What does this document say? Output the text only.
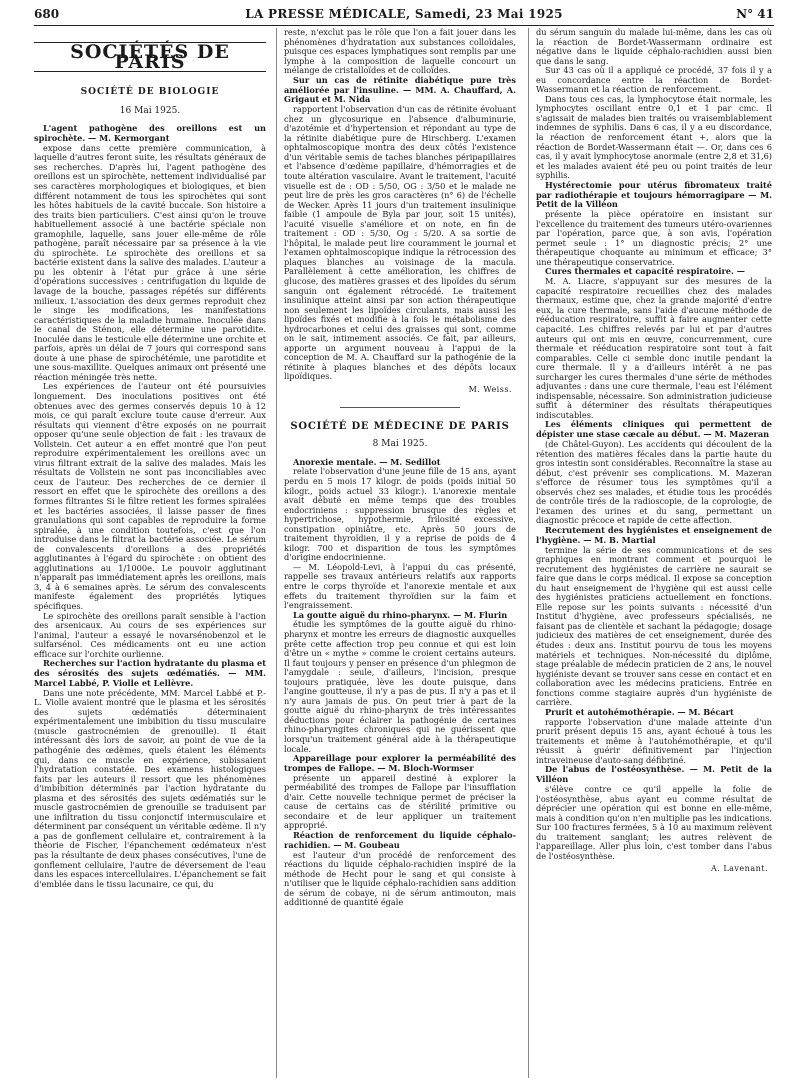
680	LA PRESSE MÉDICALE, Samedi, 23 Mai 1925	N° 41
SOCIÉTÉS DE PARIS
SOCIÉTÉ DE BIOLOGIE
16 Mai 1925.

L'agent pathogène des oreillons est un spirochète. — M. Kermorgant

expose dans cette première communication, à laquelle d'autres feront suite, les résultats généraux de ses recherches. D'après lui, l'agent pathogène des oreillons est un spirochète, nettement individualisé par ses caractères morphologiques et biologiques, et bien différent notamment de tous les spirochètes qui sont les hôtes habituels de la cavité buccale. Son histoire a des traits bien particuliers. C'est ainsi qu'on le trouve habituellement associé à une bactérie spéciale non gramophile, laquelle, sans jouer elle-même de rôle pathogène, paraît nécessaire par sa présence à la vie du spirochète. Le spirochète des oreillons et sa bactérie existent dans la salive des malades. L'auteur a pu les obtenir à l'état pur grâce à une série d'opérations successives : centrifugation du liquide de lavage de la bouche, passages répétés sur différents milieux. L'association des deux germes reproduit chez le singe les modifications, les manifestations caractéristiques de la maladie humaine. Inoculée dans le canal de Sténon, elle détermine une parotidite. Inoculée dans le testicule elle détermine une orchite et parfois, après un délai de 7 jours qui correspond sans doute à une phase de spirochétémie, une parotidite et une sous-maxillite. Quelques animaux ont présenté une réaction méningée très nette.

Les expériences de l'auteur ont été poursuivies longuement. Des inoculations positives ont été obtenues avec des germes conservés depuis 10 à 12 mois, ce qui paraît exclure toute cause d'erreur. Aux résultats qui viennent d'être exposés on ne pourrait opposer qu'une seule objection de fait : les travaux de Vollstein. Cet auteur a en effet montré que l'on peut reproduire expérimentalement les oreillons avec un virus filtrant extrait de la salive des malades. Mais les résultats de Vollstein ne sont pas inconciliables avec ceux de l'auteur. Des recherches de ce dernier il ressort en effet que le spirochète des oreillons a des formes filtrantes Si le filtre retient les formes spiralées et les bactéries associées, il laisse passer de fines granulations qui sont capables de reproduire la forme spiralée, à une condition toutefois, c'est que l'on introduise dans le filtrat la bactérie associée. Le sérum de convalescents d'oreillons a des propriétés agglutinantes à l'égard du spirochète : on obtient des agglutinations au 1/1000e. Le pouvoir agglutinant n'apparaît pas immédiatement après les oreillons, mais 3, 4 à 6 semaines après. Le sérum des convalescents manifeste également des propriétés lytiques spécifiques.

Le spirochète des oreillons paraît sensible à l'action des arsenicaux. Au cours de ses expériences sur l'animal, l'auteur a essayé le novarsénobenzol et le sulfarsénol. Ces médicaments ont eu une action efficace sur l'orchite ourlienne.

Recherches sur l'action hydratante du plasma et des sérosités des sujets œdématiés. — MM. Marcel Labbé, P. Violle et Lellèvre.

Dans une note précédente, MM. Marcel Labbé et P.-L. Violle avaient montré que le plasma et les sérosités des sujets œdématiés déterminaient expérimentalement une imbibition du tissu musculaire (muscle gastrocnémien de grenouille). Il était intéressant dès lors de savoir, au point de vue de la pathogénie des œdèmes, quels étaient les éléments qui, dans ce muscle en expérience, subissaient l'hydratation constatée. Des examens histologiques faits par les auteurs il ressort que les phénomènes d'imbibition déterminés par l'action hydratante du plasma et des sérosités des sujets œdématiés sur le muscle gastrocnémien de grenouille se traduisent par une infiltration du tissu conjonctif intermusculaire et déterminent par conséquent un véritable œdème. Il n'y a pas de gonflement cellulaire et, contrairement à la théorie de Fischer, l'épanchement œdémateux n'est pas la résultante de deux phases consécutives, l'une de gonflement cellulaire, l'autre de déversement de l'eau dans les espaces intercellulaires. L'épanchement se fait d'emblée dans le tissu lacunaire, ce qui, du

reste, n'exclut pas le rôle que l'on a fait jouer dans les phénomènes d'hydratation aux substances colloïdales, puisque ces espaces lymphatiques sont remplis par une lymphe à la composition de laquelle concourt un mélange de cristalloïdes et de colloïdes.

Sur un cas de rétinite diabétique pure très améliorée par l'insuline. — MM. A. Chauffard, A. Grigaut et M. Nida

rapportent l'observation d'un cas de rétinite évoluant chez un glycosurique en l'absence d'albuminurie, d'azotémie et d'hypertension et répondant au type de la rétinite diabétique pure de Hirschberg. L'examen ophtalmoscopique montra des deux côtés l'existence d'un véritable semis de taches blanches péripapillaires et l'absence d'œdème papillaire, d'hémorragies et de toute altération vasculaire. Avant le traitement, l'acuité visuelle est de : OD : 5/50, OG : 3/50 et le malade ne peut lire de près les gros caractères (n° 6) de l'échelle de Wecker. Après 11 jours d'un traitement insulinique faible (1 ampoule de Byla par jour, soit 15 unités), l'acuité visuelle s'améliore et on note, en fin de traitement : OD : 5/30, Og : 5/20. A sa sortie de l'hôpital, le malade peut lire couramment le journal et l'examen ophtalmoscopique indique la rétrocession des plaques blanches au voisinage de la macula. Parallèlement à cette amélioration, les chiffres de glucose, des matières grasses et des lipoïdes du sérum sanguin ont également rétrocédé. Le traitement insulinique atteint ainsi par son action thérapeutique non seulement les lipoïdes circulants, mais aussi les lipoïdes fixés et modifie à la fois le métabolisme des hydrocarbones et celui des graisses qui sont, comme on le sait, intimement associés. Ce fait, par ailleurs, apporte un argument nouveau à l'appui de la conception de M. A. Chauffard sur la pathogénie de la rétinite à plaques blanches et des dépôts locaux lipoïdiques.

M. Weiss.
SOCIÉTÉ DE MÉDECINE DE PARIS
8 Mai 1925.

Anorexie mentale. — M. Sedillot

relate l'observation d'une jeune fille de 15 ans, ayant perdu en 5 mois 17 kilogr. de poids (poids initial 50 kilogr., poids actuel 33 kilogr.). L'anorexie mentale avait débuté en même temps que des troubles endocriniens : suppression brusque des règles et hypertrichose, hypothermie, frilosité excessive, constipation opiniâtre, etc. Après 50 jours de traitement thyroïdien, il y a reprise de poids de 4 kilogr. 700 et disparition de tous les symptômes d'origine endocrinienne.

— M. Léopold-Levi, à l'appui du cas présenté, rappelle ses travaux antérieurs relatifs aux rapports entre le corps thyroïde et l'anorexie mentale et aux effets du traitement thyroïdien sur la faim et l'engraissement.

La goutte aiguë du rhino-pharynx. — M. Flurin

étudie les symptômes de la goutte aiguë du rhino-pharynx et montre les erreurs de diagnostic auxquelles prête cette affection trop peu connue et qui est loin d'être un « mythe » comme le croient certains auteurs. Il faut toujours y penser en présence d'un phlegmon de l'amygdale : seule, d'ailleurs, l'incision, presque toujours pratiquée, lève les doute puisque, dans l'angine goutteuse, il n'y a pas de pus. Il n'y a pas et il n'y aura jamais de pus. On peut trier à part de la goutte aiguë du rhino-pharynx de très intéressantes déductions pour éclairer la pathogénie de certaines rhino-pharyngites chroniques qui ne guérissent que lorsqu'un traitement général aide à la thérapeutique locale.

Appareillage pour explorer la perméabilité des trompes de Fallope. — M. Bloch-Wormser

présente un appareil destiné à explorer la perméabilité des trompes de Fallope par l'insufflation d'air. Cette nouvelle technique permet de préciser la cause de certains cas de stérilité primitive ou secondaire et de leur appliquer un traitement approprié.

Réaction de renforcement du liquide céphalo-rachidien. — M. Goubeau

est l'auteur d'un procédé de renforcement des réactions du liquide céphalo-rachidien inspiré de la méthode de Hecht pour le sang et qui consiste à n'utiliser que le liquide céphalo-rachidien sans addition de sérum de cobaye, ni de sérum antimouton, mais additionné de quantité égale

du sérum sanguin du malade lui-même, dans les cas où la réaction de Bordet-Wassermann ordinaire est négative dans le liquide céphalo-rachidien aussi bien que dans le sang.

Sur 43 cas où il a appliqué ce procédé, 37 fois il y a eu concordance entre la réaction de Bordet-Wassermann et la réaction de renforcement.

Dans tous ces cas, la lymphocytose était normale, les lymphocytes oscillant entre 0,1 et 1 par cmc. Il s'agissait de malades bien traités ou vraisemblablement indemnes de syphilis. Dans 6 cas, il y a eu discordance, la réaction de renforcement étant +, alors que la réaction de Bordet-Wassermann était —. Or, dans ces 6 cas, il y avait lymphocytose anormale (entre 2,8 et 31,6) et les malades avaient été peu ou point traités de leur syphilis.

Hystérectomie pour utérus fibromateux traité par radiothérapie et toujours hémorragipare — M. Petit de la Villéon

présente la pièce opératoire en insistant sur l'excellence du traitement des tumeurs utéro-ovariennes par l'opération, parce que, à son avis, l'opération permet seule : 1° un diagnostic précis; 2° une thérapeutique choquante au minimum et efficace; 3° une thérapeutique conservatrice.

Cures thermales et capacité respiratoire. —

M. A. Liacre, s'appuyant sur des mesures de la capacité respiratoire recueillies chez des malades thermaux, estime que, chez la grande majorité d'entre eux, la cure thermale, sans l'aide d'aucune méthode de rééducation respiratoire, suffit à faire augmenter cette capacité. Les chiffres relevés par lui et par d'autres auteurs qui ont mis en œuvre, concurremment, cure thermale et rééducation respiratoire sont tout à fait comparables. Celle ci semble donc inutile pendant la cure thermale. Il y a d'ailleurs intérêt à ne pas surcharger les cures thermales d'une série de méthodes adjuvantes : dans une cure thermale, l'eau est l'élément indispensable, nécessaire. Son administration judicieuse suffit à déterminer des résultats thérapeutiques indiscutables.

Les éléments cliniques qui permettent de dépister une stase cæcale au début. — M. Mazeran

(de Châtel-Guyon). Les accidents qui découlent de la rétention des matières fécales dans la partie haute du gros intestin sont considérables. Reconnaître la stase au début, c'est prévenir ses complications. M. Mazeran s'efforce de résumer tous les symptômes qu'il a observés chez ses malades, et étudie tous les procédés de contrôle tirés de la radioscopie, de la coprologie, de l'examen des urines et du sang, permettant un diagnostic précoce et rapide de cette affection.

Recrutement des hygiénistes et enseignement de l'hygiène. — M. B. Martial

termine la série de ses communications et de ses graphiques en montrant comment et pourquoi le recrutement des hygiénistes de carrière ne saurait se faire que dans le corps médical. Il expose sa conception du haut enseignement de l'hygiène qui est aussi celle des hygiénistes praticiens actuellement en fonctions. Elle repose sur les points suivants : nécessité d'un Institut d'hygiène, avec professeurs spécialisés, ne faisant pas de clientèle et sachant la pédagogie; dosage judicieux des matières de cet enseignement, durée des études : deux ans. Institut pourvu de tous les moyens matériels et techniques. Non-nécessité du diplôme, stage préalable de médecin praticien de 2 ans, le nouvel hygiéniste devant se trouver sans cesse en contact et en collaboration avec les médecins praticiens. Entrée en fonctions comme stagiaire auprès d'un hygiéniste de carrière.

Prurit et autohémothérapie. — M. Bécart

rapporte l'observation d'une malade atteinte d'un prurit présent depuis 15 ans, ayant échoué à tous les traitements et même à l'autohémothérapie, et qu'il réussit à guérir définitivement par l'injection intraveineuse d'auto-sang défibriné.

De l'abus de l'ostéosynthèse. — M. Petit de la Villéon

s'élève contre ce qu'il appelle la folie de l'ostéosynthèse, abus ayant eu comme résultat de déprécier une opération qui est bonne en elle-même, mais à condition qu'on n'en multiplie pas les indications. Sur 100 fractures fermées, 5 à 10 au maximum relèvent du traitement sanglant; les autres relèvent de l'appareillage. Aller plus loin, c'est tomber dans l'abus de l'ostéosynthèse.

A. Lavenant.
